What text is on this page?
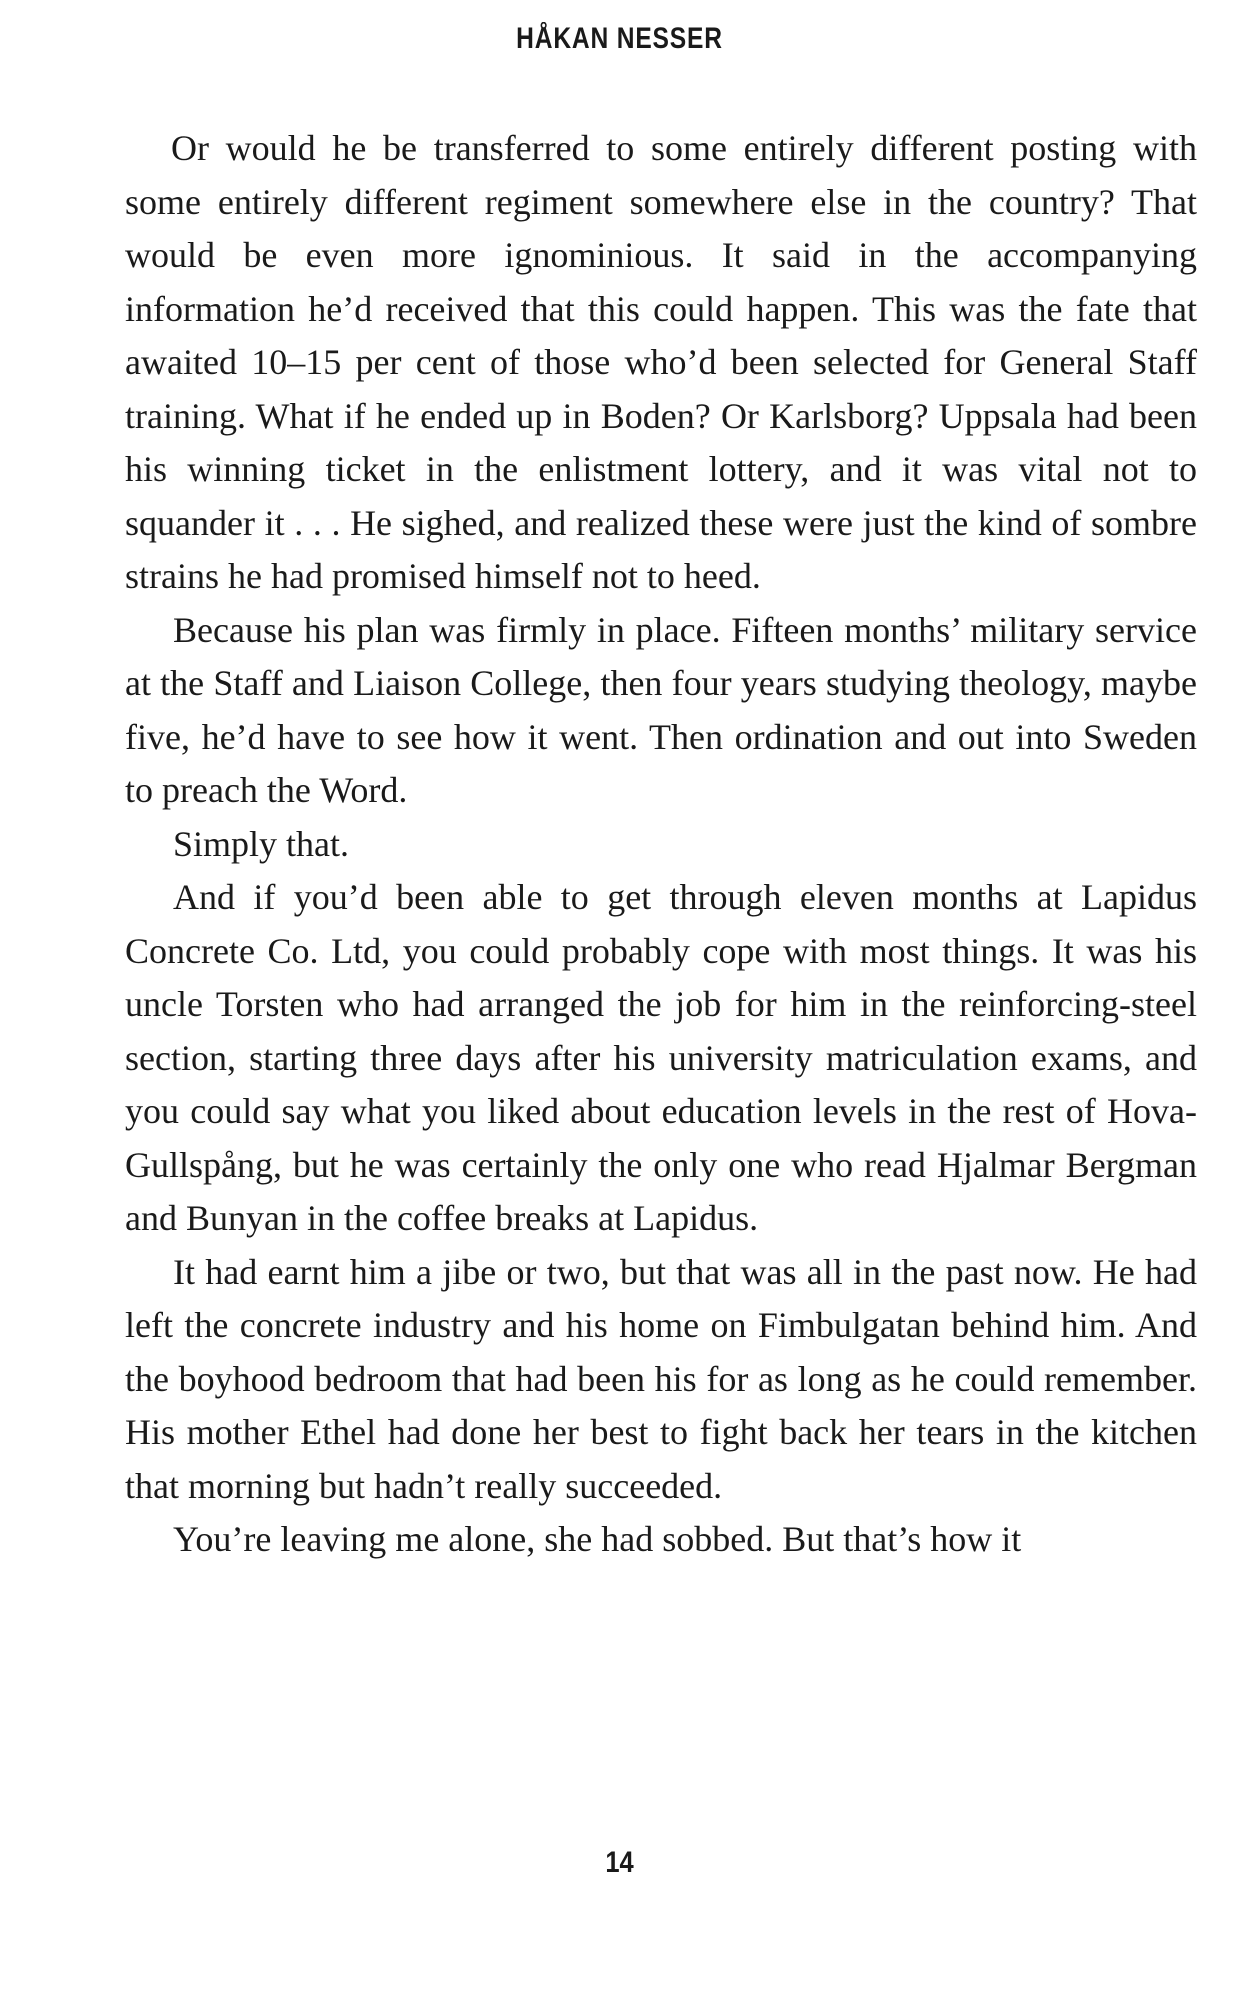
HÅKAN NESSER

Or would he be transferred to some entirely different posting with some entirely different regiment somewhere else in the country? That would be even more ignominious. It said in the accompanying information he’d received that this could happen. This was the fate that awaited 10–15 per cent of those who’d been selected for General Staff training. What if he ended up in Boden? Or Karlsborg? Uppsala had been his winning ticket in the enlistment lottery, and it was vital not to squander it . . . He sighed, and realized these were just the kind of sombre strains he had promised himself not to heed.

Because his plan was firmly in place. Fifteen months’ military service at the Staff and Liaison College, then four years studying theology, maybe five, he’d have to see how it went. Then ordination and out into Sweden to preach the Word.

Simply that.

And if you’d been able to get through eleven months at Lapidus Concrete Co. Ltd, you could probably cope with most things. It was his uncle Torsten who had arranged the job for him in the reinforcing-steel section, starting three days after his university matriculation exams, and you could say what you liked about education levels in the rest of Hova-Gullspång, but he was certainly the only one who read Hjalmar Bergman and Bunyan in the coffee breaks at Lapidus.

It had earnt him a jibe or two, but that was all in the past now. He had left the concrete industry and his home on Fimbulgatan behind him. And the boyhood bedroom that had been his for as long as he could remember. His mother Ethel had done her best to fight back her tears in the kitchen that morning but hadn’t really succeeded.

You’re leaving me alone, she had sobbed. But that’s how it

14
